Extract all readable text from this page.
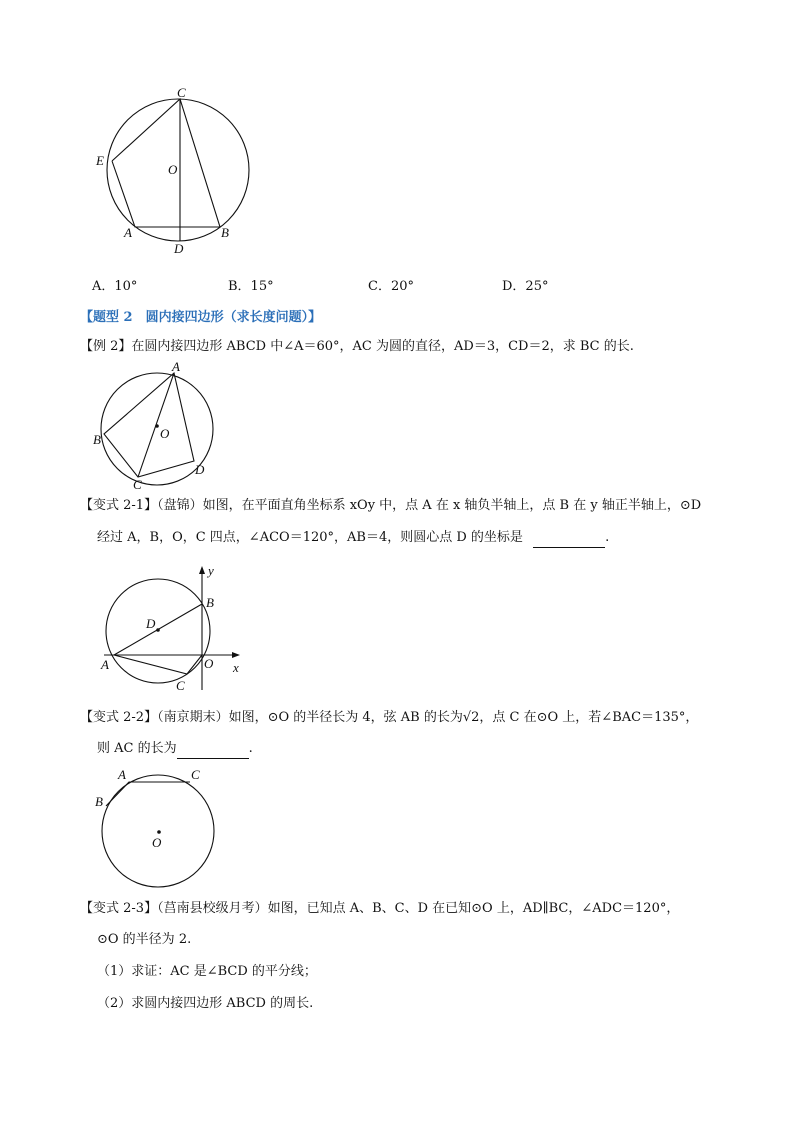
C
E
O
A	B
D
A．10°	B．15°	C．20°	D．25°
【题型 2　圆内接四边形（求长度问题）】
【例 2】在圆内接四边形 ABCD 中∠A＝60°，AC 为圆的直径，AD＝3，CD＝2，求 BC 的长.
A
B	O
C
D
【变式 2-1】（盘锦）如图，在平面直角坐标系 xOy 中，点 A 在 x 轴负半轴上，点 B 在 y 轴正半轴上，⊙D
经过 A，B，O，C 四点，∠ACO＝120°，AB＝4，则圆心点 D 的坐标是	.
y
B
D
A	O x
C
【变式 2-2】（南京期末）如图，⊙O 的半径长为 4，弦 AB 的长为√2，点 C 在⊙O 上，若∠BAC＝135°，
则 AC 的长为	.
A	C
B
O
【变式 2-3】（莒南县校级月考）如图，已知点 A、B、C、D 在已知⊙O 上，AD∥BC，∠ADC＝120°，
⊙O 的半径为 2.
（1）求证：AC 是∠BCD 的平分线；
（2）求圆内接四边形 ABCD 的周长.
